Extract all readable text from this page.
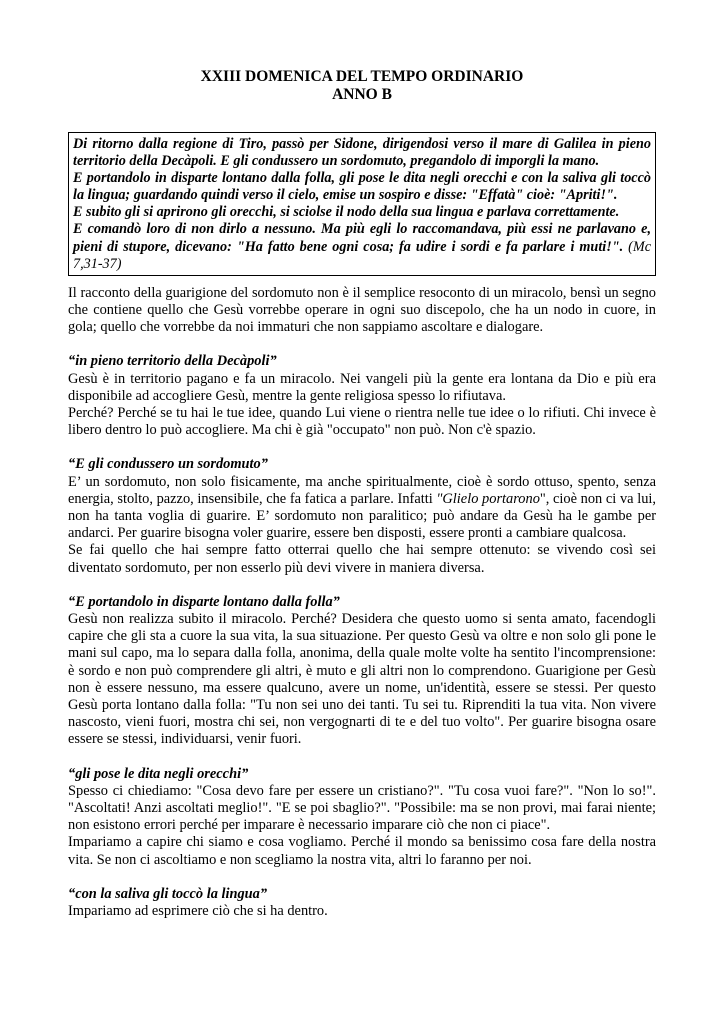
XXIII DOMENICA DEL TEMPO ORDINARIO
ANNO B
Di ritorno dalla regione di Tiro, passò per Sidone, dirigendosi verso il mare di Galilea in pieno territorio della Decàpoli. E gli condussero un sordomuto, pregandolo di imporgli la mano.
E portandolo in disparte lontano dalla folla, gli pose le dita negli orecchi e con la saliva gli toccò la lingua; guardando quindi verso il cielo, emise un sospiro e disse: "Effatà" cioè: "Apriti!".
E subito gli si aprirono gli orecchi, si sciolse il nodo della sua lingua e parlava correttamente.
E comandò loro di non dirlo a nessuno. Ma più egli lo raccomandava, più essi ne parlavano e, pieni di stupore, dicevano: "Ha fatto bene ogni cosa; fa udire i sordi e fa parlare i muti!". (Mc 7,31-37)
Il racconto della guarigione del sordomuto non è il semplice resoconto di un miracolo, bensì un segno che contiene quello che Gesù vorrebbe operare in ogni suo discepolo, che ha un nodo in cuore, in gola; quello che vorrebbe da noi immaturi che non sappiamo ascoltare e dialogare.
“in pieno territorio della Decàpoli”
Gesù è in territorio pagano e fa un miracolo. Nei vangeli più la gente era lontana da Dio e più era disponibile ad accogliere Gesù, mentre la gente religiosa spesso lo rifiutava.
Perché? Perché se tu hai le tue idee, quando Lui viene o rientra nelle tue idee o lo rifiuti. Chi invece è libero dentro lo può accogliere. Ma chi è già "occupato" non può. Non c'è spazio.
“E gli condussero un sordomuto”
E’ un sordomuto, non solo fisicamente, ma anche spiritualmente, cioè è sordo ottuso, spento, senza energia, stolto, pazzo, insensibile, che fa fatica a parlare. Infatti "Glielo portarono", cioè non ci va lui, non ha tanta voglia di guarire. E’ sordomuto non paralitico; può andare da Gesù ha le gambe per andarci. Per guarire bisogna voler guarire, essere ben disposti, essere pronti a cambiare qualcosa.
Se fai quello che hai sempre fatto otterrai quello che hai sempre ottenuto: se vivendo così sei diventato sordomuto, per non esserlo più devi vivere in maniera diversa.
“E portandolo in disparte lontano dalla folla”
Gesù non realizza subito il miracolo. Perché? Desidera che questo uomo si senta amato, facendogli capire che gli sta a cuore la sua vita, la sua situazione. Per questo Gesù va oltre e non solo gli pone le mani sul capo, ma lo separa dalla folla, anonima, della quale molte volte ha sentito l'incomprensione: è sordo e non può comprendere gli altri, è muto e gli altri non lo comprendono. Guarigione per Gesù non è essere nessuno, ma essere qualcuno, avere un nome, un'identità, essere se stessi. Per questo Gesù porta lontano dalla folla: "Tu non sei uno dei tanti. Tu sei tu. Riprenditi la tua vita. Non vivere nascosto, vieni fuori, mostra chi sei, non vergognarti di te e del tuo volto". Per guarire bisogna osare essere se stessi, individuarsi, venir fuori.
“gli pose le dita negli orecchi”
Spesso ci chiediamo: "Cosa devo fare per essere un cristiano?". "Tu cosa vuoi fare?". "Non lo so!". "Ascoltati! Anzi ascoltati meglio!". "E se poi sbaglio?". "Possibile: ma se non provi, mai farai niente; non esistono errori perché per imparare è necessario imparare ciò che non ci piace".
Impariamo a capire chi siamo e cosa vogliamo. Perché il mondo sa benissimo cosa fare della nostra vita. Se non ci ascoltiamo e non scegliamo la nostra vita, altri lo faranno per noi.
“con la saliva gli toccò la lingua”
Impariamo ad esprimere ciò che si ha dentro.
